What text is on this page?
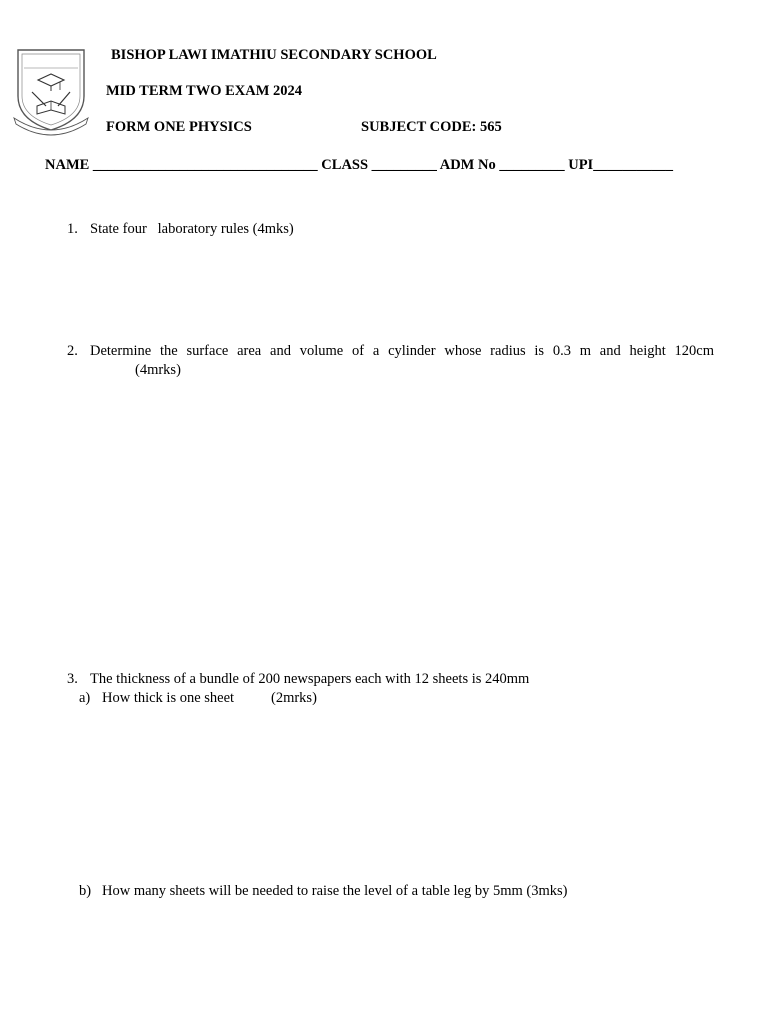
BISHOP LAWI IMATHIU SECONDARY SCHOOL
MID TERM TWO EXAM 2024
FORM ONE PHYSICS	SUBJECT CODE: 565
NAME _______________________________ CLASS _________ ADM No _________ UPI___________
1. State four   laboratory rules (4mks)
2. Determine the surface area and volume of a cylinder whose radius is 0.3 m and height 120cm
(4mrks)
3. The thickness of a bundle of 200 newspapers each with 12 sheets is 240mm
a) How thick is one sheet	(2mrks)
b) How many sheets will be needed to raise the level of a table leg by 5mm (3mks)
